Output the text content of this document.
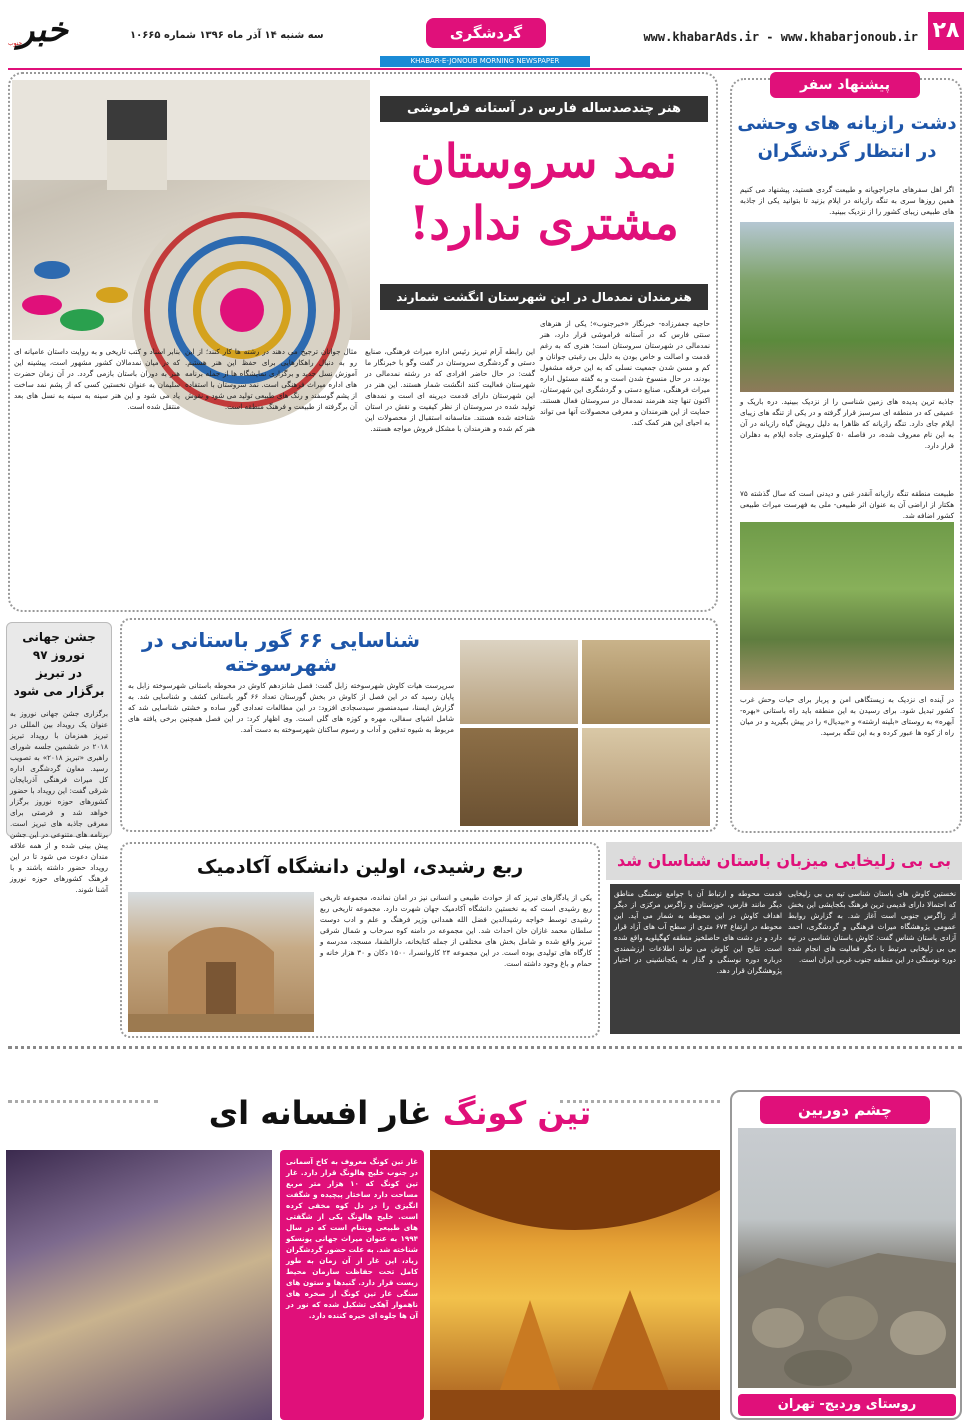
۲۸
www.khabarAds.ir - www.khabarjonoub.ir
گردشگری
سه شنبه ۱۴ آذر ماه ۱۳۹۶ شماره ۱۰۶۶۵
خبر
جنوب
KHABAR-E-JONOUB MORNING NEWSPAPER
هنر چندصدساله فارس در آستانه فراموشی
نمد سروستان
مشتری ندارد!
هنرمندان نمدمال در این شهرستان انگشت شمارند
حاجیه جعفرزاده- خبرنگار «خبرجنوب»؛ یکی از هنرهای سنتی فارس که در آستانه فراموشی قرار دارد، هنر نمدمالی در شهرستان سروستان است؛ هنری که به رغم قدمت و اصالت و خاص بودن به دلیل بی رغبتی جوانان و کم و مسن شدن جمعیت نسلی که به این حرفه مشغول بودند، در حال منسوخ شدن است و به گفته مسئول اداره میراث فرهنگی، صنایع دستی و گردشگری این شهرستان، اکنون تنها چند هنرمند نمدمال در سروستان فعال هستند. حمایت از این هنرمندان و معرفی محصولات آنها می تواند به احیای این هنر کمک کند.
این رابطه آرام تبریز رئیس اداره میراث فرهنگی، صنایع دستی و گردشگری سروستان در گفت وگو با خبرنگار ما گفت: در حال حاضر افرادی که در رشته نمدمالی در شهرستان فعالیت کنند انگشت شمار هستند. این هنر در این شهرستان دارای قدمت دیرینه ای است و نمدهای تولید شده در سروستان از نظر کیفیت و نقش در استان شناخته شده هستند. متاسفانه استقبال از محصولات این هنر کم شده و هنرمندان با مشکل فروش مواجه هستند.
مثال جوانان ترجیح می دهند در رشته ها کار کنند؛ از این رو به دنبال راهکارهایی برای حفظ این هنر هستیم. آموزش نسل جدید و برگزاری نمایشگاه ها از جمله برنامه های اداره میراث فرهنگی است. نمد سروستان با استفاده از پشم گوسفند و رنگ های طبیعی تولید می شود و نقوش آن برگرفته از طبیعت و فرهنگ منطقه است.
بنابر اسناد و کتب تاریخی و به روایت داستان عامیانه ای که در میان نمدمالان کشور مشهور است، پیشینه این هنر به دوران باستان بازمی گردد. در آن زمان حضرت سلیمان به عنوان نخستین کسی که از پشم نمد ساخت یاد می شود و این هنر سینه به سینه به نسل های بعد منتقل شده است.
پیشنهاد سفر
دشت رازیانه های وحشی در انتظار گردشگران
اگر اهل سفرهای ماجراجویانه و طبیعت گردی هستید، پیشنهاد می کنیم همین روزها سری به تنگه رازیانه در ایلام بزنید تا بتوانید یکی از جاذبه های طبیعی زیبای کشور را از نزدیک ببینید.
جاذبه ترین پدیده های زمین شناسی را از نزدیک ببینید. دره باریک و عمیقی که در منطقه ای سرسبز قرار گرفته و در یکی از تنگه های زیبای ایلام جای دارد. تنگه رازیانه که ظاهرا به دلیل رویش گیاه رازیانه در آن به این نام معروف شده، در فاصله ۵۰ کیلومتری جاده ایلام به دهلران قرار دارد.
طبیعت منطقه تنگه رازیانه آنقدر غنی و دیدنی است که سال گذشته ۷۵ هکتار از اراضی آن به عنوان اثر طبیعی- ملی به فهرست میراث طبیعی کشور اضافه شد.
در آینده ای نزدیک به زیستگاهی امن و پربار برای حیات وحش غرب کشور تبدیل شود. برای رسیدن به این منطقه باید راه باستانی «بهره- آبهره» به روستای «بلینه ارشته» و «بیدیال» را در پیش بگیرید و در میان راه از کوه ها عبور کرده و به این تنگه برسید.
شناسایی ۶۶ گور باستانی در شهرسوخته
سرپرست هیات کاوش شهرسوخته زابل گفت: فصل شانزدهم کاوش در محوطه باستانی شهرسوخته زابل به پایان رسید که در این فصل از کاوش در بخش گورستان تعداد ۶۶ گور باستانی کشف و شناسایی شد. به گزارش ایسنا، سیدمنصور سیدسجادی افزود: در این مطالعات تعدادی گور ساده و خشتی شناسایی شد که شامل اشیای سفالی، مهره و کوزه های گلی است. وی اظهار کرد: در این فصل همچنین برخی یافته های مربوط به شیوه تدفین و آداب و رسوم ساکنان شهرسوخته به دست آمد.
جشن جهانی
نوروز ۹۷
در تبریز
برگزار می شود
برگزاری جشن جهانی نوروز به عنوان یک رویداد بین المللی در تبریز همزمان با رویداد تبریز ۲۰۱۸ در ششمین جلسه شورای راهبری «تبریز ۲۰۱۸» به تصویب رسید. معاون گردشگری اداره کل میراث فرهنگی آذربایجان شرقی گفت: این رویداد با حضور کشورهای حوزه نوروز برگزار خواهد شد و فرصتی برای معرفی جاذبه های تبریز است. برنامه های متنوعی در این جشن پیش بینی شده و از همه علاقه مندان دعوت می شود تا در این رویداد حضور داشته باشند و با فرهنگ کشورهای حوزه نوروز آشنا شوند.
ربع رشیدی، اولین دانشگاه آکادمیک
یکی از یادگارهای تبریز که از حوادث طبیعی و انسانی نیز در امان نمانده، مجموعه تاریخی ربع رشیدی است که به نخستین دانشگاه آکادمیک جهان شهرت دارد. مجموعه تاریخی ربع رشیدی توسط خواجه رشیدالدین فضل الله همدانی وزیر فرهنگ و علم و ادب دوست سلطان محمد غازان خان احداث شد. این مجموعه در دامنه کوه سرخاب و شمال شرقی تبریز واقع شده و شامل بخش های مختلفی از جمله کتابخانه، دارالشفا، مسجد، مدرسه و کارگاه های تولیدی بوده است. در این مجموعه ۲۴ کاروانسرا، ۱۵۰۰ دکان و ۳۰ هزار خانه و حمام و باغ وجود داشته است.
بی بی زلیخایی میزبان باستان شناسان شد
نخستین کاوش های باستان شناسی تپه بی بی زلیخایی که احتمالا دارای قدیمی ترین فرهنگ بکجایشی این بخش از زاگرس جنوبی است آغاز شد. به گزارش روابط عمومی پژوهشگاه میراث فرهنگی و گردشگری، احمد آزادی باستان شناس گفت: کاوش باستان شناسی در تپه بی بی زلیخایی مرتبط با دیگر فعالیت های انجام شده دوره نوسنگی در این منطقه جنوب غربی ایران است.
قدمت محوطه و ارتباط آن با جوامع نوسنگی مناطق دیگر مانند فارس، خوزستان و زاگرس مرکزی از دیگر اهداف کاوش در این محوطه به شمار می آید. این محوطه در ارتفاع ۶۷۴ متری از سطح آب های آزاد قرار دارد و در دشت های حاصلخیز منطقه کهگیلویه واقع شده است. نتایج این کاوش می تواند اطلاعات ارزشمندی درباره دوره نوسنگی و گذار به یکجانشینی در اختیار پژوهشگران قرار دهد.
تین کونگ غار افسانه ای
غار تین کونگ معروف به کاخ آسمانی در جنوب خلیج هالونگ قرار دارد. غار تین کونگ که ۱۰ هزار متر مربع مساحت دارد ساختار پیچیده و شگفت انگیزی را در دل کوه مخفی کرده است. خلیج هالونگ یکی از شگفتی های طبیعی ویتنام است که در سال ۱۹۹۴ به عنوان میراث جهانی یونسکو شناخته شد. به علت حضور گردشگران زیاد، این غار از آن زمان به طور کامل تحت حفاظت سازمان محیط زیست قرار دارد. گنبدها و ستون های سنگی غار تین کونگ از صخره های ناهموار آهکی تشکیل شده که نور در آن ها جلوه ای خیره کننده دارد.
چشم دوربین
روستای وردیج- تهران
